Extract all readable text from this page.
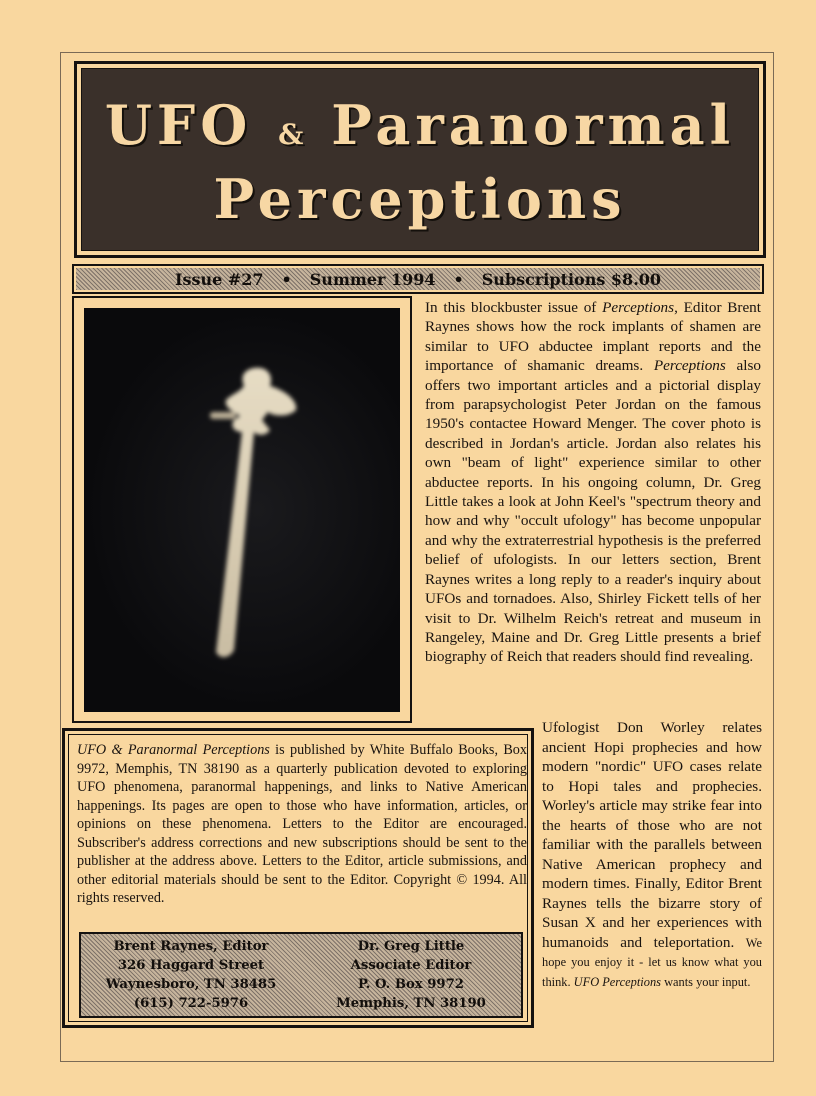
UFO & Paranormal
Perceptions
Issue #27 • Summer 1994 • Subscriptions $8.00

In this blockbuster issue of Perceptions, Editor Brent Raynes shows how the rock implants of shamen are similar to UFO abductee implant reports and the importance of shamanic dreams. Perceptions also offers two important articles and a pictorial display from parapsychologist Peter Jordan on the famous 1950's contactee Howard Menger. The cover photo is described in Jordan's article. Jordan also relates his own "beam of light" experience similar to other abductee reports. In his ongoing column, Dr. Greg Little takes a look at John Keel's "spectrum theory and how and why "occult ufology" has become unpopular and why the extraterrestrial hypothesis is the preferred belief of ufologists. In our letters section, Brent Raynes writes a long reply to a reader's inquiry about UFOs and tornadoes. Also, Shirley Fickett tells of her visit to Dr. Wilhelm Reich's retreat and museum in Rangeley, Maine and Dr. Greg Little presents a brief biography of Reich that readers should find revealing.

UFO & Paranormal Perceptions is published by White Buffalo Books, Box 9972, Memphis, TN 38190 as a quarterly publication devoted to exploring UFO phenomena, paranormal happenings, and links to Native American happenings. Its pages are open to those who have information, articles, or opinions on these phenomena. Letters to the Editor are encouraged. Subscriber's address corrections and new subscriptions should be sent to the publisher at the address above. Letters to the Editor, article submissions, and other editorial materials should be sent to the Editor. Copyright © 1994. All rights reserved.

Brent Raynes, Editor
326 Haggard Street
Waynesboro, TN 38485
(615) 722-5976
Dr. Greg Little
Associate Editor
P. O. Box 9972
Memphis, TN 38190

Ufologist Don Worley relates ancient Hopi prophecies and how modern "nordic" UFO cases relate to Hopi tales and prophecies. Worley's article may strike fear into the hearts of those who are not familiar with the parallels between Native American prophecy and modern times. Finally, Editor Brent Raynes tells the bizarre story of Susan X and her experiences with humanoids and teleportation. We hope you enjoy it - let us know what you think. UFO Perceptions wants your input.
